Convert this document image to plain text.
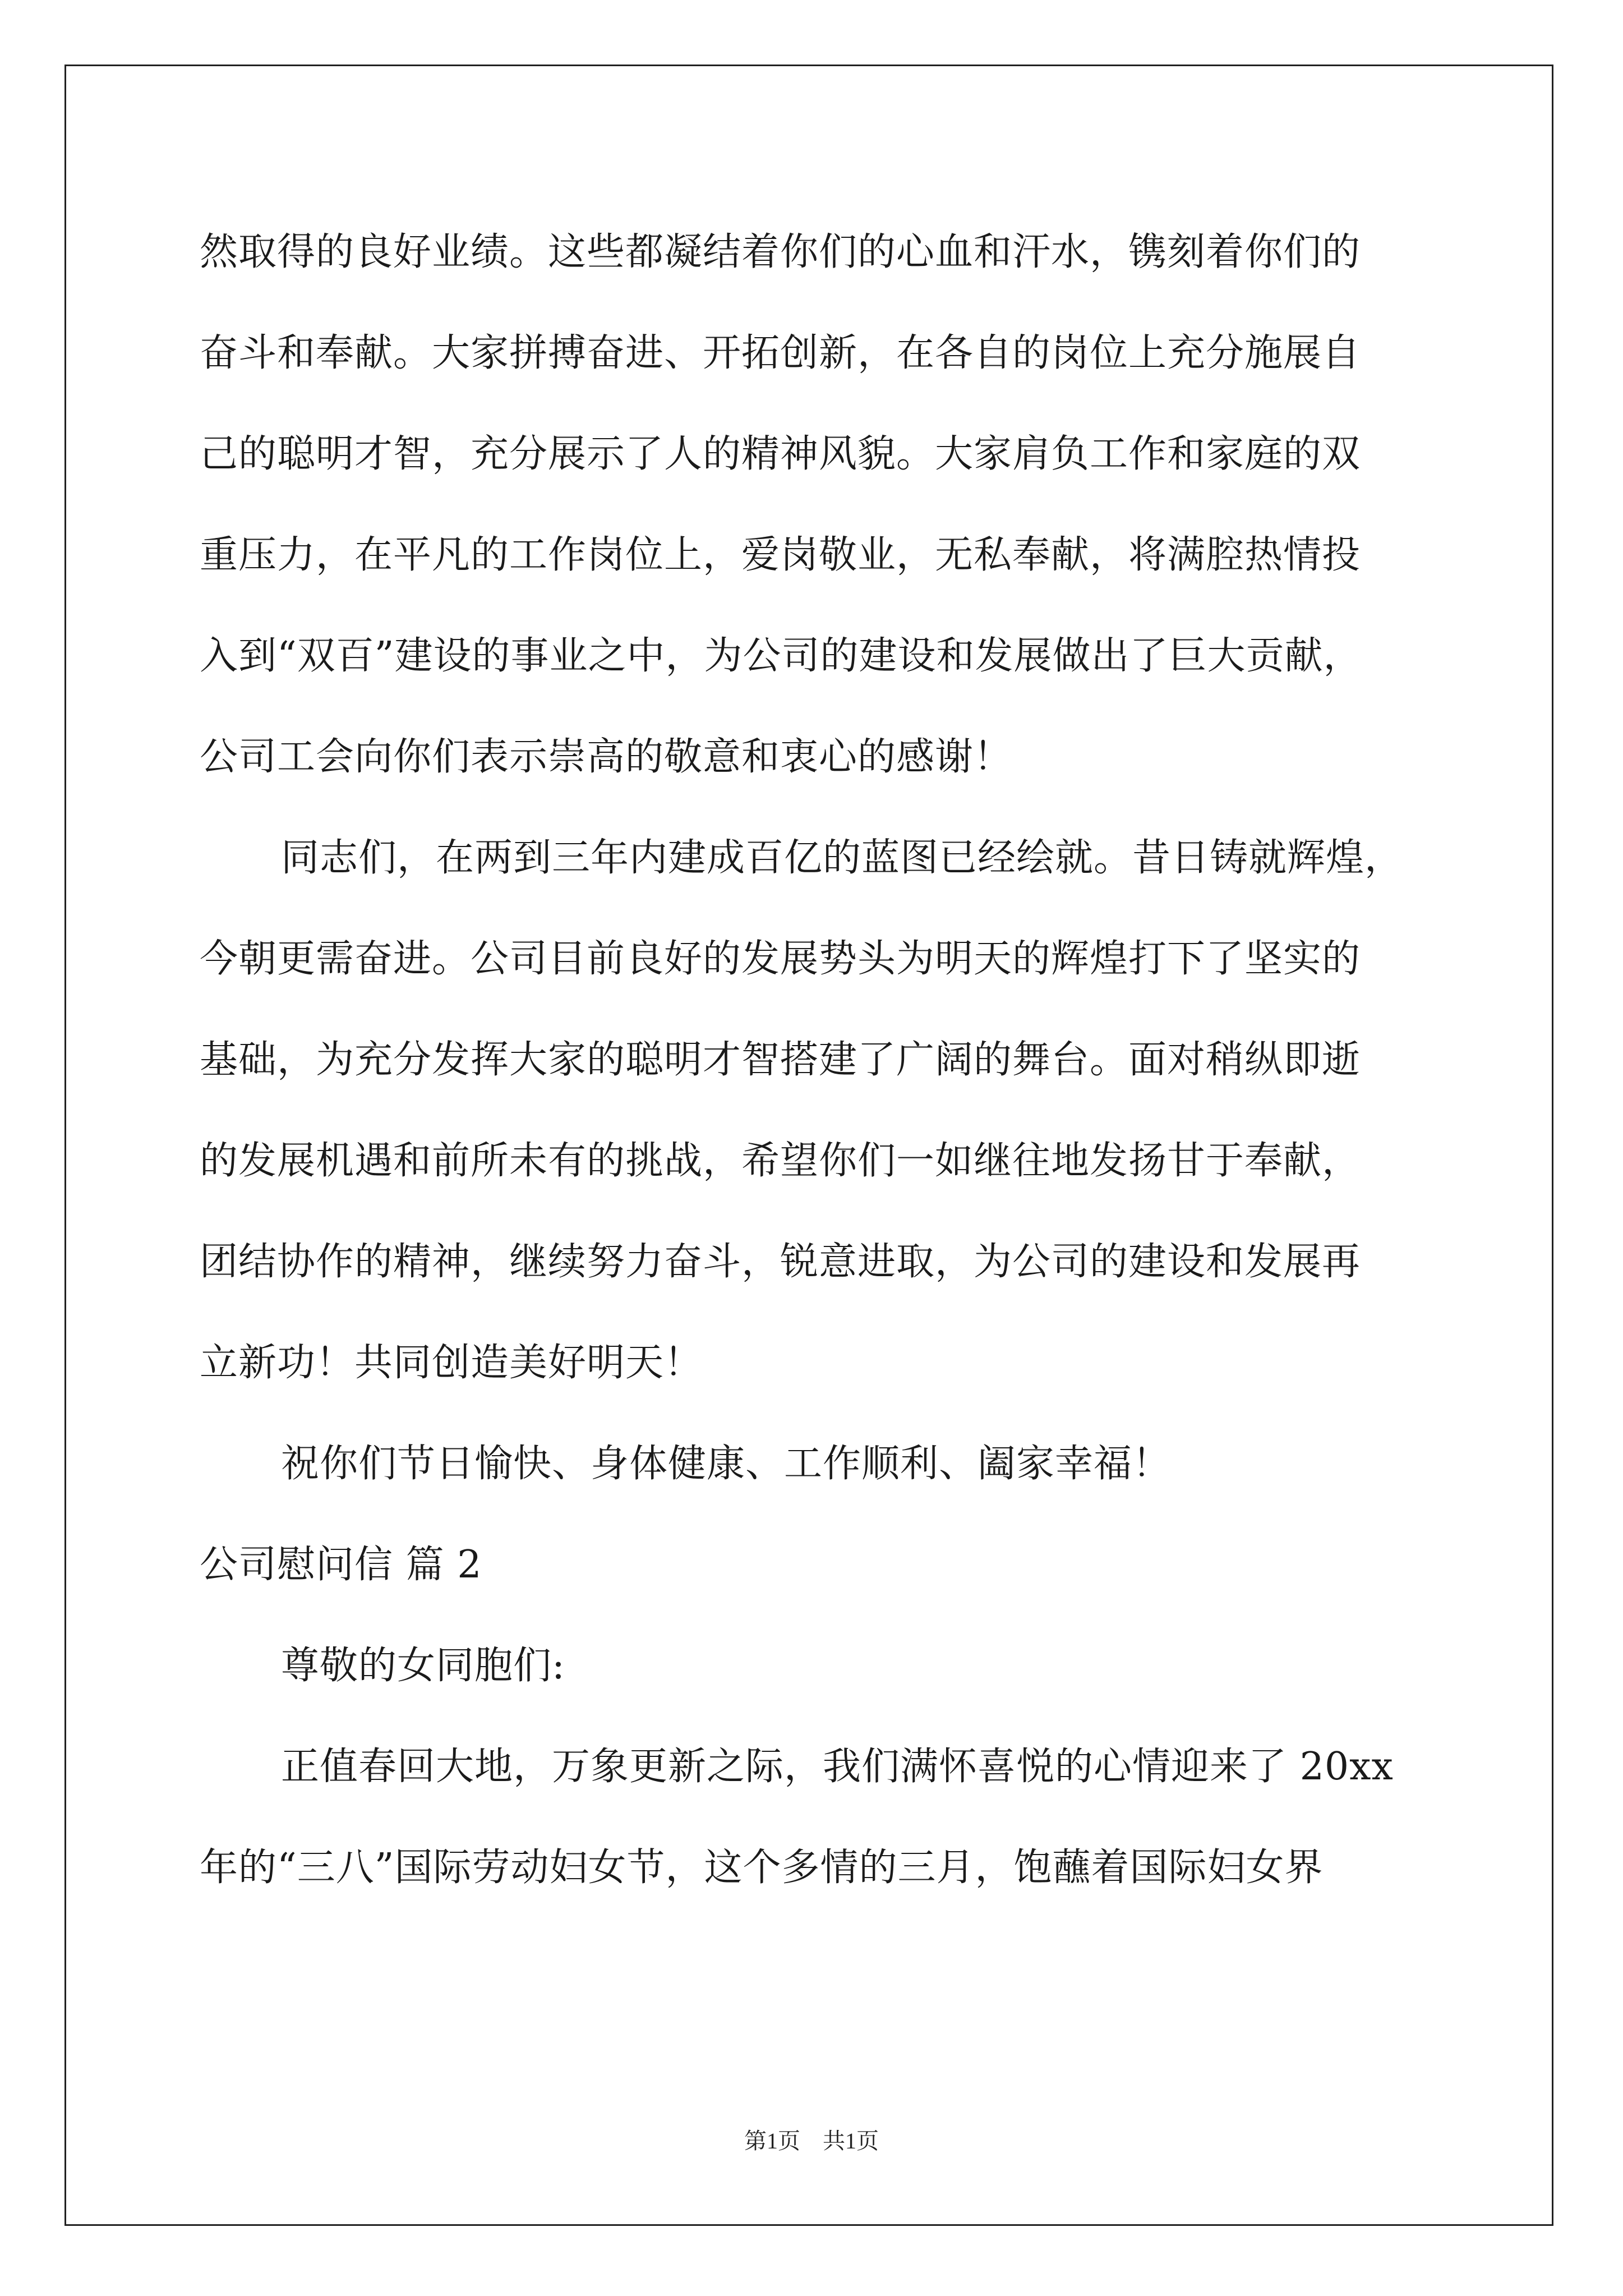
然取得的良好业绩。这些都凝结着你们的心血和汗水，镌刻着你们的
奋斗和奉献。大家拼搏奋进、开拓创新，在各自的岗位上充分施展自
己的聪明才智，充分展示了人的精神风貌。大家肩负工作和家庭的双
重压力，在平凡的工作岗位上，爱岗敬业，无私奉献，将满腔热情投
入到“双百”建设的事业之中，为公司的建设和发展做出了巨大贡献，
公司工会向你们表示崇高的敬意和衷心的感谢！
同志们，在两到三年内建成百亿的蓝图已经绘就。昔日铸就辉煌，
今朝更需奋进。公司目前良好的发展势头为明天的辉煌打下了坚实的
基础，为充分发挥大家的聪明才智搭建了广阔的舞台。面对稍纵即逝
的发展机遇和前所未有的挑战，希望你们一如继往地发扬甘于奉献，
团结协作的精神，继续努力奋斗，锐意进取，为公司的建设和发展再
立新功！共同创造美好明天！
祝你们节日愉快、身体健康、工作顺利、阖家幸福！
公司慰问信 篇 2
尊敬的女同胞们:
正值春回大地，万象更新之际，我们满怀喜悦的心情迎来了 20xx
年的“三八”国际劳动妇女节，这个多情的三月，饱蘸着国际妇女界
第1页　共1页
